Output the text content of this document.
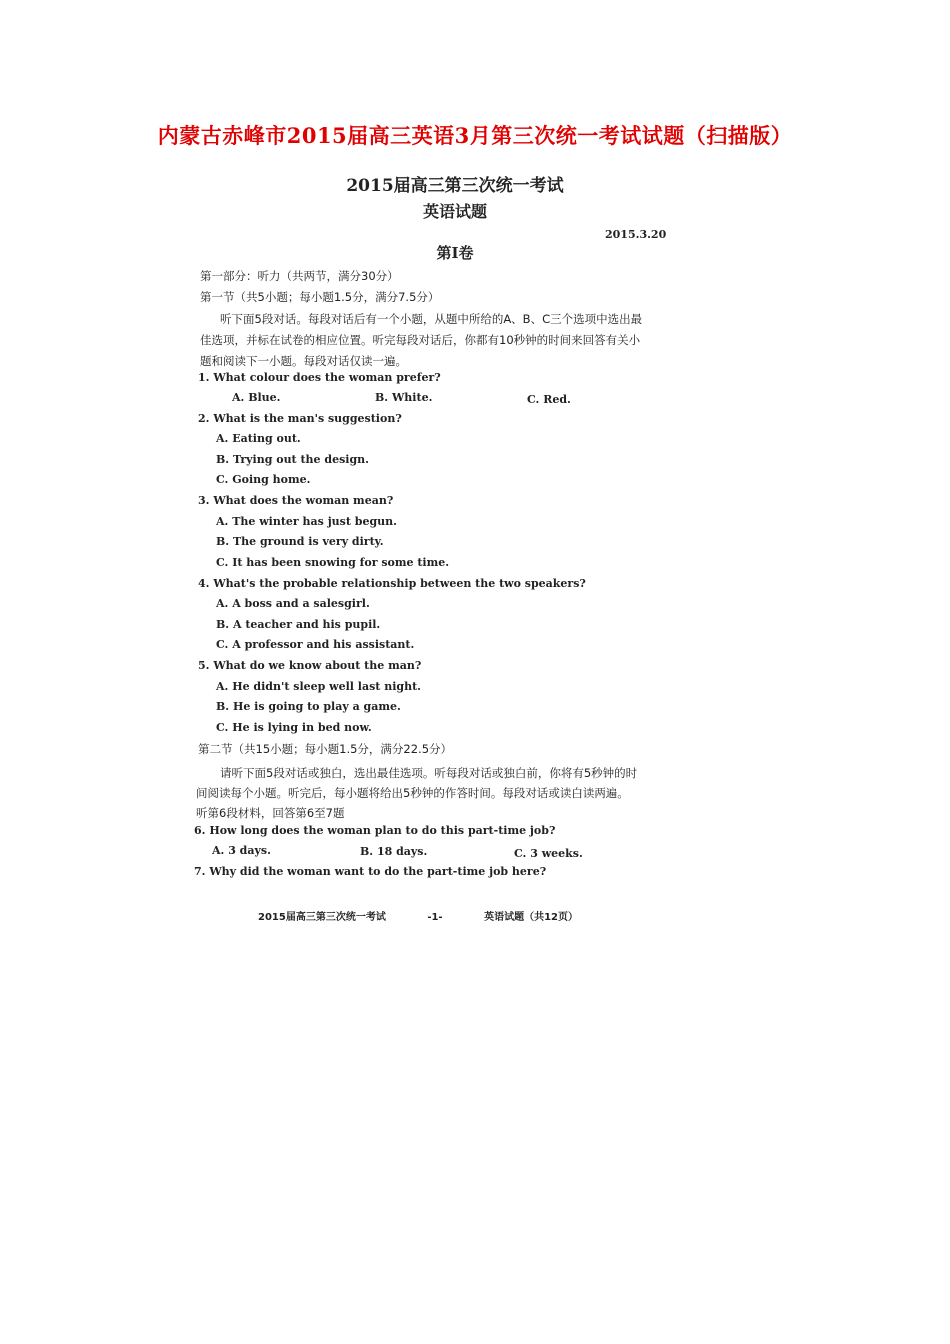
内蒙古赤峰市2015届高三英语3月第三次统一考试试题（扫描版）
2015届高三第三次统一考试
英语试题
2015.3.20
第I卷
第一部分：听力（共两节，满分30分）
第一节（共5小题；每小题1.5分，满分7.5分）
听下面5段对话。每段对话后有一个小题，从题中所给的A、B、C三个选项中选出最
佳选项，并标在试卷的相应位置。听完每段对话后，你都有10秒钟的时间来回答有关小
题和阅读下一小题。每段对话仅读一遍。
1. What colour does the woman prefer?
A. Blue.	B. White.	C. Red.
2. What is the man's suggestion?
A. Eating out.
B. Trying out the design.
C. Going home.
3. What does the woman mean?
A. The winter has just begun.
B. The ground is very dirty.
C. It has been snowing for some time.
4. What's the probable relationship between the two speakers?
A. A boss and a salesgirl.
B. A teacher and his pupil.
C. A professor and his assistant.
5. What do we know about the man?
A. He didn't sleep well last night.
B. He is going to play a game.
C. He is lying in bed now.
第二节（共15小题；每小题1.5分，满分22.5分）
请听下面5段对话或独白，选出最佳选项。听每段对话或独白前，你将有5秒钟的时
间阅读每个小题。听完后，每小题将给出5秒钟的作答时间。每段对话或读白读两遍。
听第6段材料，回答第6至7题
6. How long does the woman plan to do this part-time job?
A. 3 days.	B. 18 days.	C. 3 weeks.
7. Why did the woman want to do the part-time job here?
2015届高三第三次统一考试	-1-	英语试题（共12页）
